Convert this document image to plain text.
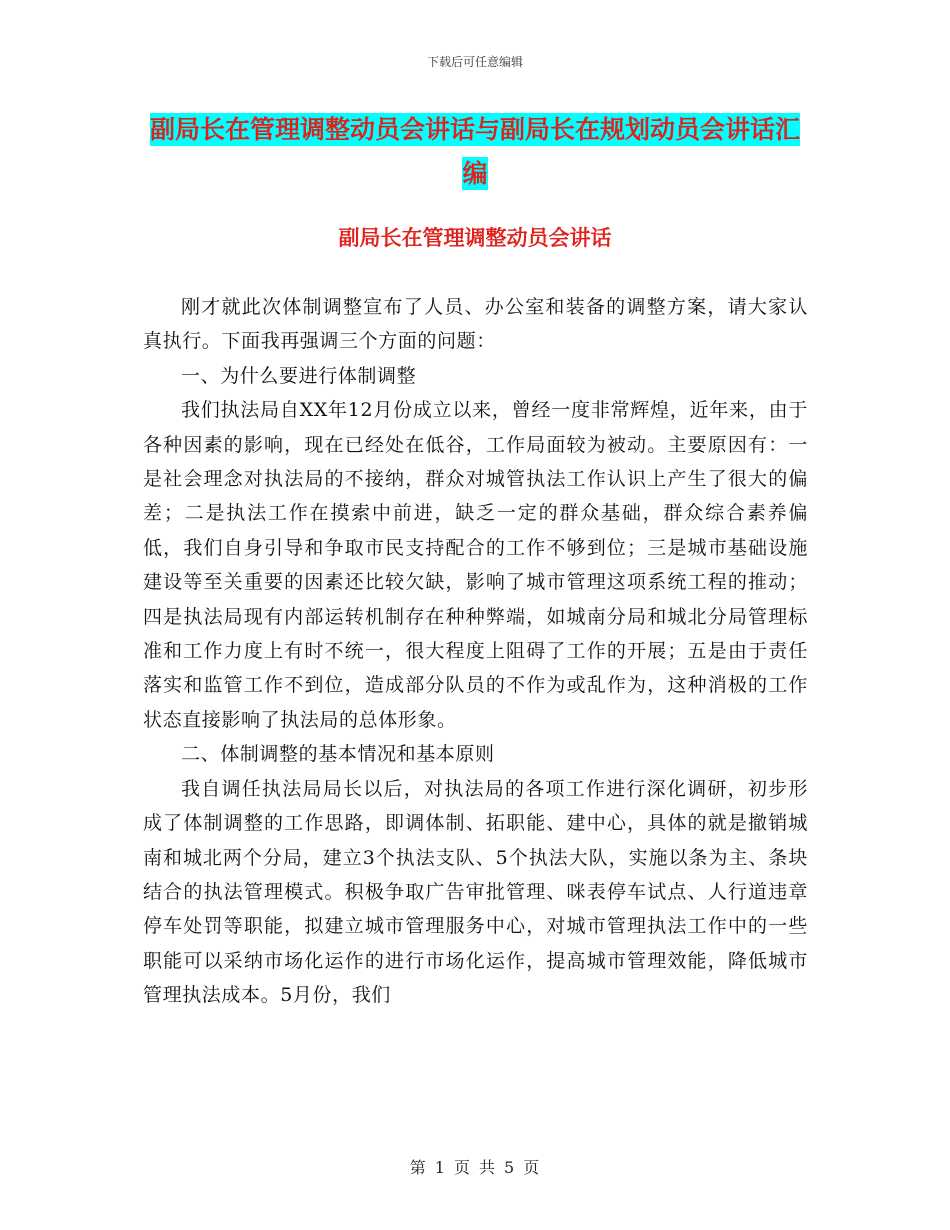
下载后可任意编辑
副局长在管理调整动员会讲话与副局长在规划动员会讲话汇编
副局长在管理调整动员会讲话

刚才就此次体制调整宣布了人员、办公室和装备的调整方案，请大家认真执行。下面我再强调三个方面的问题：

一、为什么要进行体制调整

我们执法局自XX年12月份成立以来，曾经一度非常辉煌，近年来，由于各种因素的影响，现在已经处在低谷，工作局面较为被动。主要原因有：一是社会理念对执法局的不接纳，群众对城管执法工作认识上产生了很大的偏差；二是执法工作在摸索中前进，缺乏一定的群众基础，群众综合素养偏低，我们自身引导和争取市民支持配合的工作不够到位；三是城市基础设施建设等至关重要的因素还比较欠缺，影响了城市管理这项系统工程的推动；四是执法局现有内部运转机制存在种种弊端，如城南分局和城北分局管理标准和工作力度上有时不统一，很大程度上阻碍了工作的开展；五是由于责任落实和监管工作不到位，造成部分队员的不作为或乱作为，这种消极的工作状态直接影响了执法局的总体形象。

二、体制调整的基本情况和基本原则

我自调任执法局局长以后，对执法局的各项工作进行深化调研，初步形成了体制调整的工作思路，即调体制、拓职能、建中心，具体的就是撤销城南和城北两个分局，建立3个执法支队、5个执法大队，实施以条为主、条块结合的执法管理模式。积极争取广告审批管理、咪表停车试点、人行道违章停车处罚等职能，拟建立城市管理服务中心，对城市管理执法工作中的一些职能可以采纳市场化运作的进行市场化运作，提高城市管理效能，降低城市管理执法成本。5月份，我们

第 1 页 共 5 页
